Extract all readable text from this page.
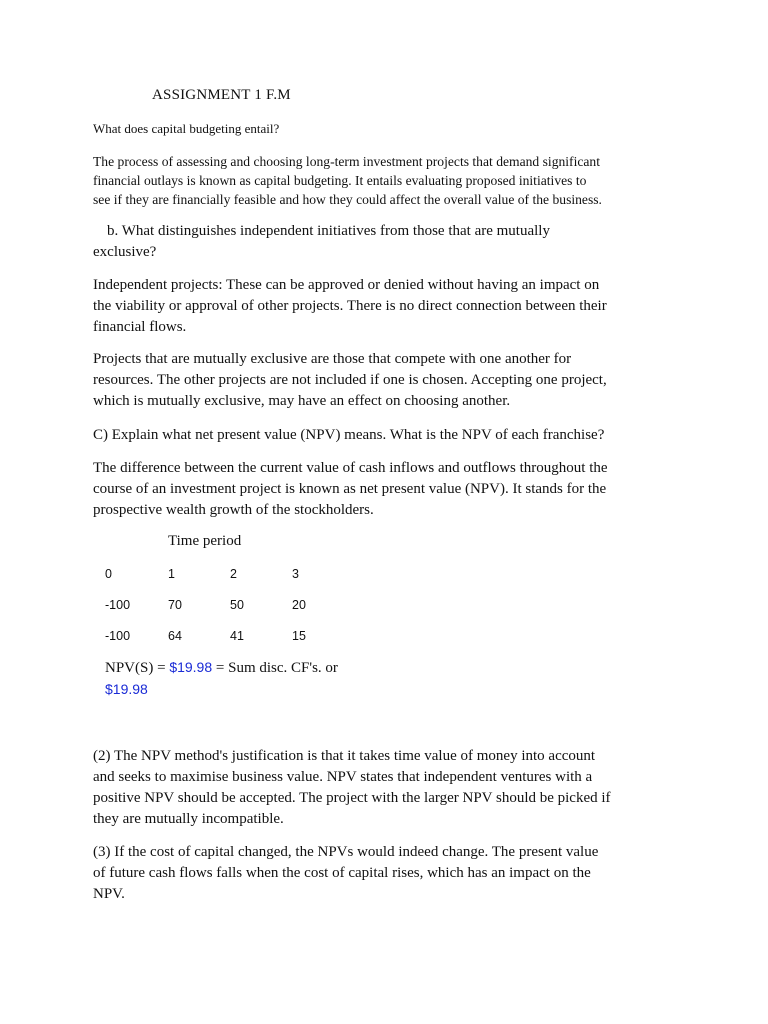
ASSIGNMENT 1 F.M

What does capital budgeting entail?

The process of assessing and choosing long-term investment projects that demand significant
financial outlays is known as capital budgeting. It entails evaluating proposed initiatives to
see if they are financially feasible and how they could affect the overall value of the business.
b. What distinguishes independent initiatives from those that are mutually
exclusive?
Independent projects: These can be approved or denied without having an impact on
the viability or approval of other projects. There is no direct connection between their
financial flows.
Projects that are mutually exclusive are those that compete with one another for
resources. The other projects are not included if one is chosen. Accepting one project,
which is mutually exclusive, may have an effect on choosing another.

C) Explain what net present value (NPV) means. What is the NPV of each franchise?

The difference between the current value of cash inflows and outflows throughout the
course of an investment project is known as net present value (NPV). It stands for the
prospective wealth growth of the stockholders.

Time period

0	1	2	3
-100	70	50	20
-100	64	41	15

NPV(S) = $19.98 = Sum disc. CF's. or

$19.98

(2) The NPV method's justification is that it takes time value of money into account
and seeks to maximise business value. NPV states that independent ventures with a
positive NPV should be accepted. The project with the larger NPV should be picked if
they are mutually incompatible.
(3) If the cost of capital changed, the NPVs would indeed change. The present value
of future cash flows falls when the cost of capital rises, which has an impact on the
NPV.
